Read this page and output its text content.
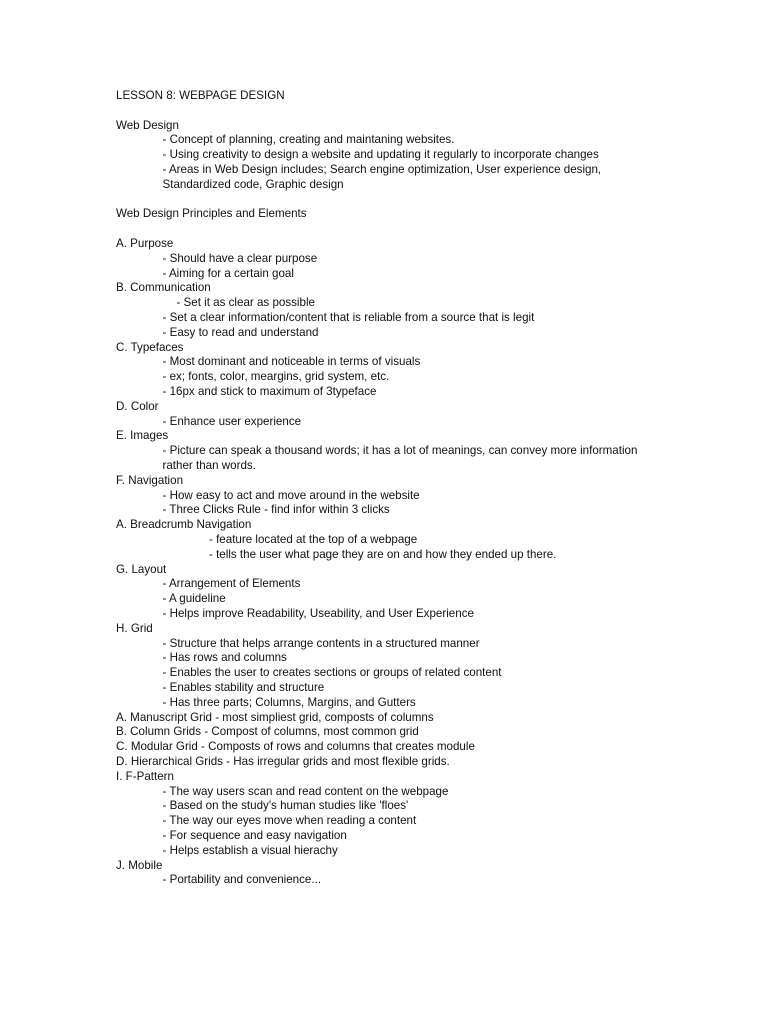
LESSON 8: WEBPAGE DESIGN
Web Design
- Concept of planning, creating and maintaning websites.
- Using creativity to design a website and updating it regularly to incorporate changes
- Areas in Web Design includes; Search engine optimization, User experience design,
Standardized code, Graphic design
Web Design Principles and Elements
A. Purpose
- Should have a clear purpose
- Aiming for a certain goal
B. Communication
- Set it as clear as possible
- Set a clear information/content that is reliable from a source that is legit
- Easy to read and understand
C. Typefaces
- Most dominant and noticeable in terms of visuals
- ex; fonts, color, meargins, grid system, etc.
- 16px and stick to maximum of 3typeface
D. Color
- Enhance user experience
E. Images
- Picture can speak a thousand words; it has a lot of meanings, can convey more information
rather than words.
F. Navigation
- How easy to act and move around in the website
- Three Clicks Rule - find infor within 3 clicks
A. Breadcrumb Navigation
- feature located at the top of a webpage
- tells the user what page they are on and how they ended up there.
G. Layout
- Arrangement of Elements
- A guideline
- Helps improve Readability, Useability, and User Experience
H. Grid
- Structure that helps arrange contents in a structured manner
- Has rows and columns
- Enables the user to creates sections or groups of related content
- Enables stability and structure
- Has three parts; Columns, Margins, and Gutters
A. Manuscript Grid - most simpliest grid, composts of columns
B. Column Grids - Compost of columns, most common grid
C. Modular Grid - Composts of rows and columns that creates module
D. Hierarchical Grids - Has irregular grids and most flexible grids.
I. F-Pattern
- The way users scan and read content on the webpage
- Based on the study's human studies like 'floes'
- The way our eyes move when reading a content
- For sequence and easy navigation
- Helps establish a visual hierachy
J. Mobile
- Portability and convenience...
